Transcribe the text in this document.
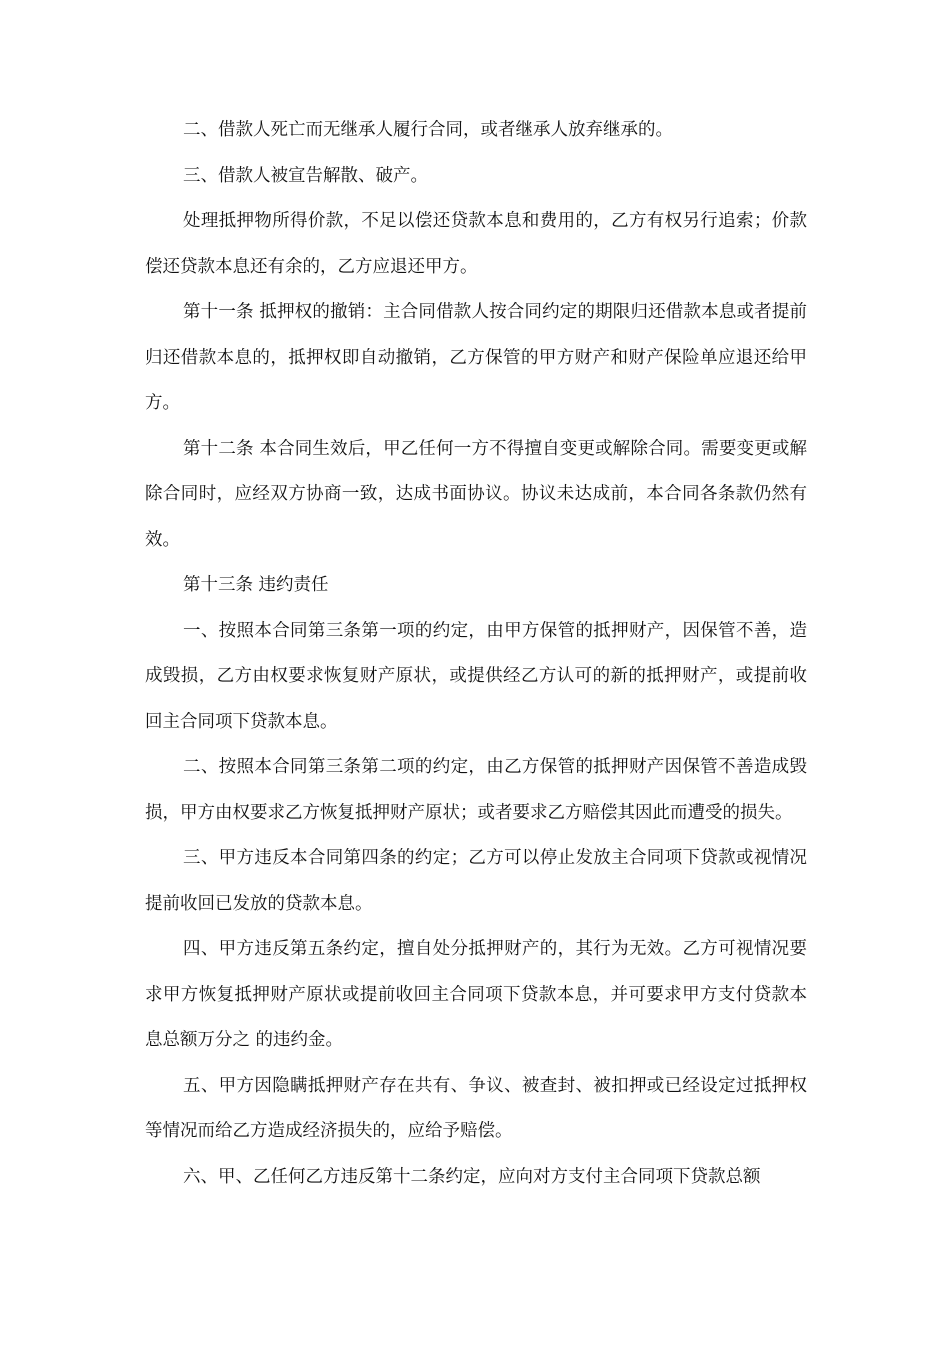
二、借款人死亡而无继承人履行合同，或者继承人放弃继承的。

三、借款人被宣告解散、破产。

处理抵押物所得价款，不足以偿还贷款本息和费用的，乙方有权另行追索；价款偿还贷款本息还有余的，乙方应退还甲方。

第十一条 抵押权的撤销：主合同借款人按合同约定的期限归还借款本息或者提前归还借款本息的，抵押权即自动撤销，乙方保管的甲方财产和财产保险单应退还给甲方。

第十二条 本合同生效后，甲乙任何一方不得擅自变更或解除合同。需要变更或解除合同时，应经双方协商一致，达成书面协议。协议未达成前，本合同各条款仍然有效。

第十三条 违约责任

一、按照本合同第三条第一项的约定，由甲方保管的抵押财产，因保管不善，造成毁损，乙方由权要求恢复财产原状，或提供经乙方认可的新的抵押财产，或提前收回主合同项下贷款本息。

二、按照本合同第三条第二项的约定，由乙方保管的抵押财产因保管不善造成毁损，甲方由权要求乙方恢复抵押财产原状；或者要求乙方赔偿其因此而遭受的损失。

三、甲方违反本合同第四条的约定；乙方可以停止发放主合同项下贷款或视情况提前收回已发放的贷款本息。

四、甲方违反第五条约定，擅自处分抵押财产的，其行为无效。乙方可视情况要求甲方恢复抵押财产原状或提前收回主合同项下贷款本息，并可要求甲方支付贷款本息总额万分之 的违约金。

五、甲方因隐瞒抵押财产存在共有、争议、被查封、被扣押或已经设定过抵押权等情况而给乙方造成经济损失的，应给予赔偿。

六、甲、乙任何乙方违反第十二条约定，应向对方支付主合同项下贷款总额
